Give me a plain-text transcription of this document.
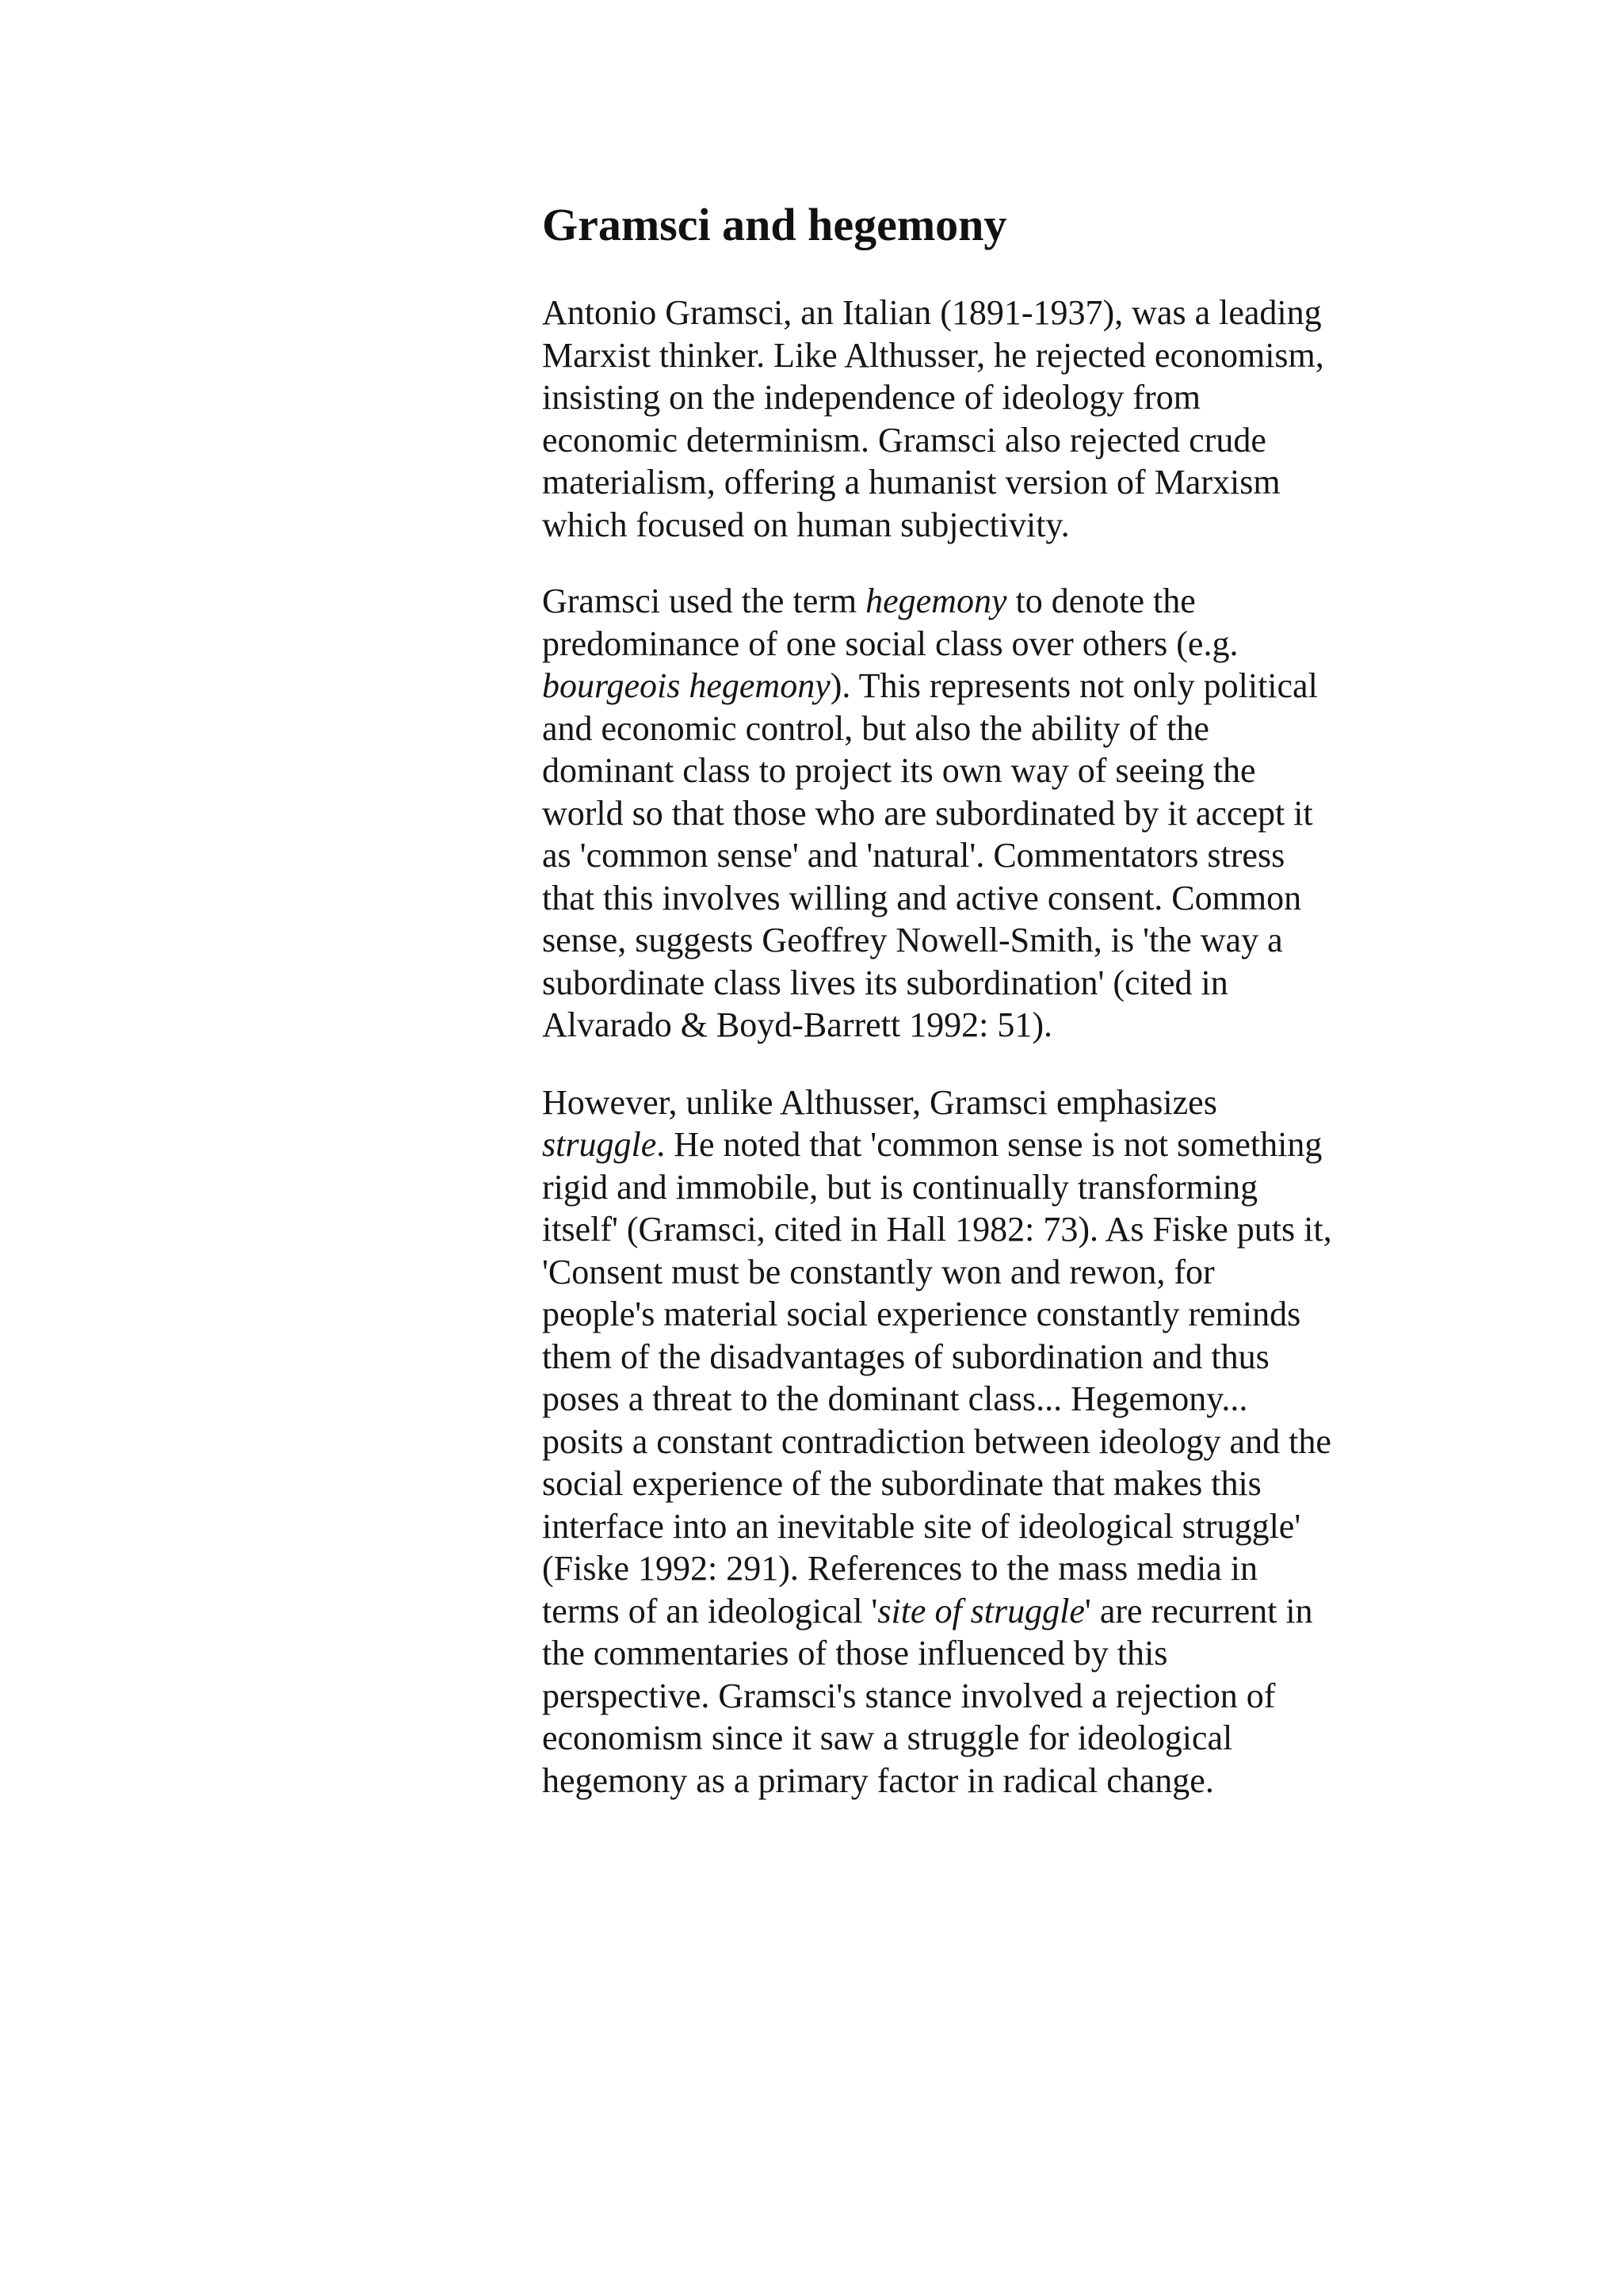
Gramsci and hegemony

Antonio Gramsci, an Italian (1891-1937), was a leading
Marxist thinker. Like Althusser, he rejected economism,
insisting on the independence of ideology from
economic determinism. Gramsci also rejected crude
materialism, offering a humanist version of Marxism
which focused on human subjectivity.

Gramsci used the term hegemony to denote the
predominance of one social class over others (e.g.
bourgeois hegemony). This represents not only political
and economic control, but also the ability of the
dominant class to project its own way of seeing the
world so that those who are subordinated by it accept it
as 'common sense' and 'natural'. Commentators stress
that this involves willing and active consent. Common
sense, suggests Geoffrey Nowell-Smith, is 'the way a
subordinate class lives its subordination' (cited in
Alvarado & Boyd-Barrett 1992: 51).

However, unlike Althusser, Gramsci emphasizes
struggle. He noted that 'common sense is not something
rigid and immobile, but is continually transforming
itself' (Gramsci, cited in Hall 1982: 73). As Fiske puts it,
'Consent must be constantly won and rewon, for
people's material social experience constantly reminds
them of the disadvantages of subordination and thus
poses a threat to the dominant class... Hegemony...
posits a constant contradiction between ideology and the
social experience of the subordinate that makes this
interface into an inevitable site of ideological struggle'
(Fiske 1992: 291). References to the mass media in
terms of an ideological 'site of struggle' are recurrent in
the commentaries of those influenced by this
perspective. Gramsci's stance involved a rejection of
economism since it saw a struggle for ideological
hegemony as a primary factor in radical change.
